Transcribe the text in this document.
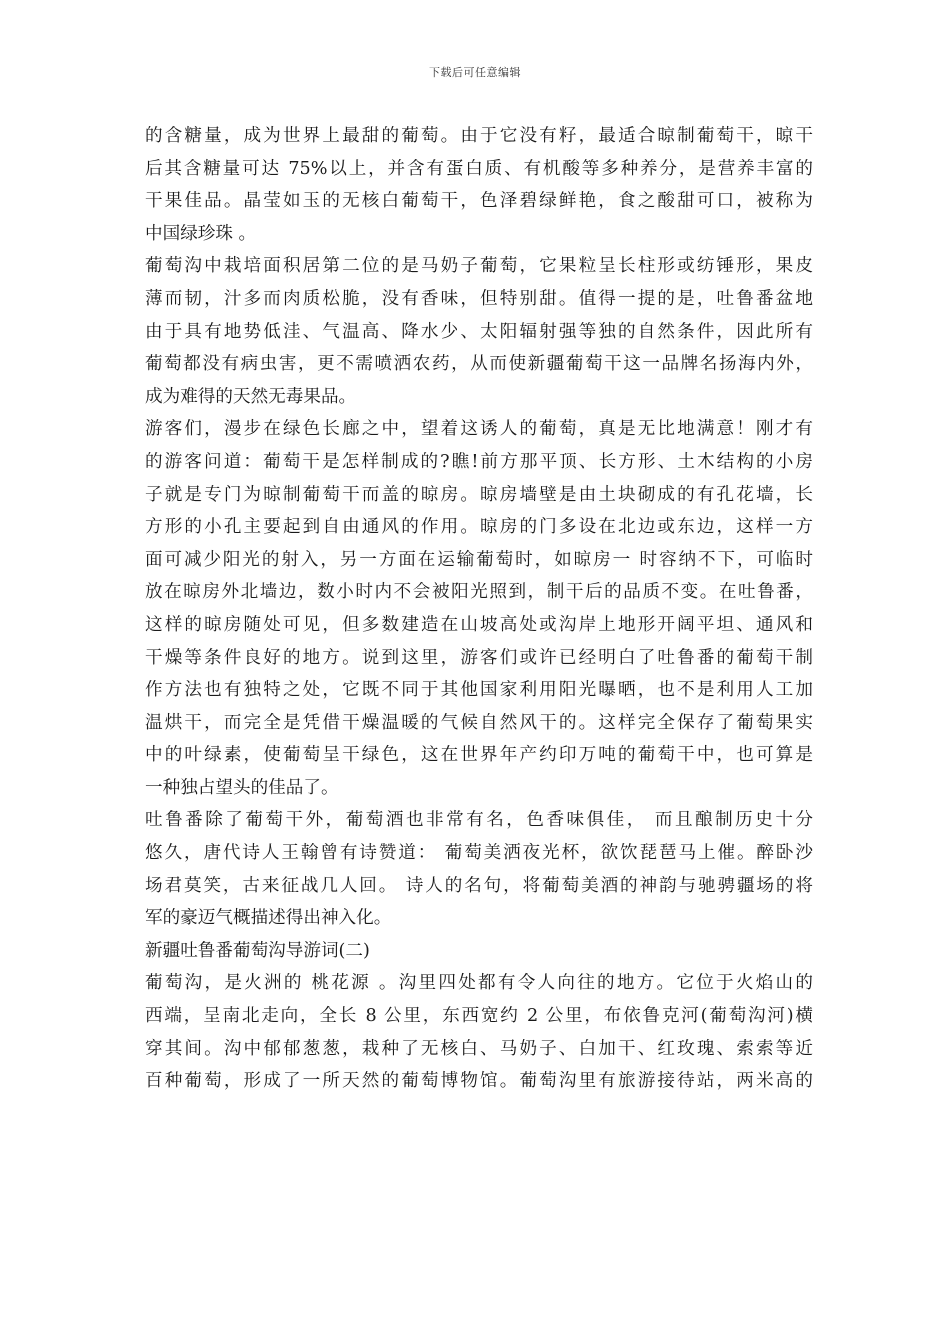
下载后可任意编辑

的含糖量，成为世界上最甜的葡萄。由于它没有籽，最适合晾制葡萄干，晾干

后其含糖量可达 75%以上，并含有蛋白质、有机酸等多种养分，是营养丰富的

干果佳品。晶莹如玉的无核白葡萄干，色泽碧绿鲜艳，食之酸甜可口，被称为

中国绿珍珠 。

葡萄沟中栽培面积居第二位的是马奶子葡萄，它果粒呈长柱形或纺锤形，果皮

薄而韧，汁多而肉质松脆，没有香味，但特别甜。值得一提的是，吐鲁番盆地

由于具有地势低洼、气温高、降水少、太阳辐射强等独的自然条件，因此所有

葡萄都没有病虫害，更不需喷洒农药，从而使新疆葡萄干这一品牌名扬海内外，

成为难得的天然无毒果品。

游客们，漫步在绿色长廊之中，望着这诱人的葡萄，真是无比地满意！刚才有

的游客问道：葡萄干是怎样制成的?瞧!前方那平顶、长方形、土木结构的小房

子就是专门为晾制葡萄干而盖的晾房。晾房墙壁是由土块砌成的有孔花墙，长

方形的小孔主要起到自由通风的作用。晾房的门多设在北边或东边，这样一方

面可减少阳光的射入，另一方面在运输葡萄时，如晾房一 时容纳不下，可临时

放在晾房外北墙边，数小时内不会被阳光照到，制干后的品质不变。在吐鲁番，

这样的晾房随处可见，但多数建造在山坡高处或沟岸上地形开阔平坦、通风和

干燥等条件良好的地方。说到这里，游客们或许已经明白了吐鲁番的葡萄干制

作方法也有独特之处，它既不同于其他国家利用阳光曝晒，也不是利用人工加

温烘干，而完全是凭借干燥温暖的气候自然风干的。这样完全保存了葡萄果实

中的叶绿素，使葡萄呈干绿色，这在世界年产约印万吨的葡萄干中，也可算是

一种独占望头的佳品了。

吐鲁番除了葡萄干外，葡萄酒也非常有名，色香味俱佳， 而且酿制历史十分

悠久，唐代诗人王翰曾有诗赞道： 葡萄美洒夜光杯，欲饮琵琶马上催。醉卧沙

场君莫笑，古来征战几人回。 诗人的名句，将葡萄美酒的神韵与驰骋疆场的将

军的豪迈气概描述得出神入化。

新疆吐鲁番葡萄沟导游词(二)

葡萄沟，是火洲的 桃花源 。沟里四处都有令人向往的地方。它位于火焰山的

西端，呈南北走向，全长 8 公里，东西宽约 2 公里，布依鲁克河(葡萄沟河)横

穿其间。沟中郁郁葱葱，栽种了无核白、马奶子、白加干、红玫瑰、索索等近

百种葡萄，形成了一所天然的葡萄博物馆。葡萄沟里有旅游接待站，两米高的
